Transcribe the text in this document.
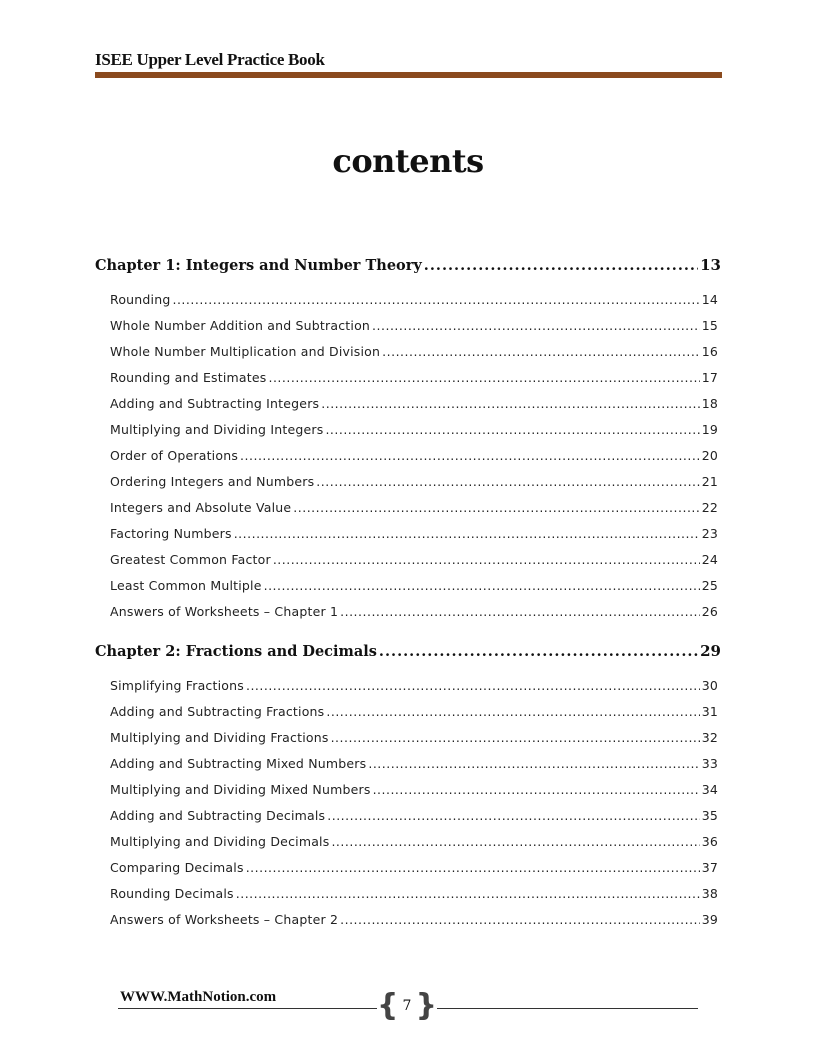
ISEE Upper Level Practice Book
contents
Chapter 1: Integers and Number Theory .....	13
Rounding .....	14
Whole Number Addition and Subtraction .....	15
Whole Number Multiplication and Division .....	16
Rounding and Estimates .....	17
Adding and Subtracting Integers .....	18
Multiplying and Dividing Integers .....	19
Order of Operations .....	20
Ordering Integers and Numbers .....	21
Integers and Absolute Value .....	22
Factoring Numbers .....	23
Greatest Common Factor .....	24
Least Common Multiple .....	25
Answers of Worksheets – Chapter 1 .....	26
Chapter 2: Fractions and Decimals .....	29
Simplifying Fractions .....	30
Adding and Subtracting Fractions .....	31
Multiplying and Dividing Fractions .....	32
Adding and Subtracting Mixed Numbers .....	33
Multiplying and Dividing Mixed Numbers .....	34
Adding and Subtracting Decimals .....	35
Multiplying and Dividing Decimals .....	36
Comparing Decimals .....	37
Rounding Decimals .....	38
Answers of Worksheets – Chapter 2 .....	39
WWW.MathNotion.com	{ 7 }
